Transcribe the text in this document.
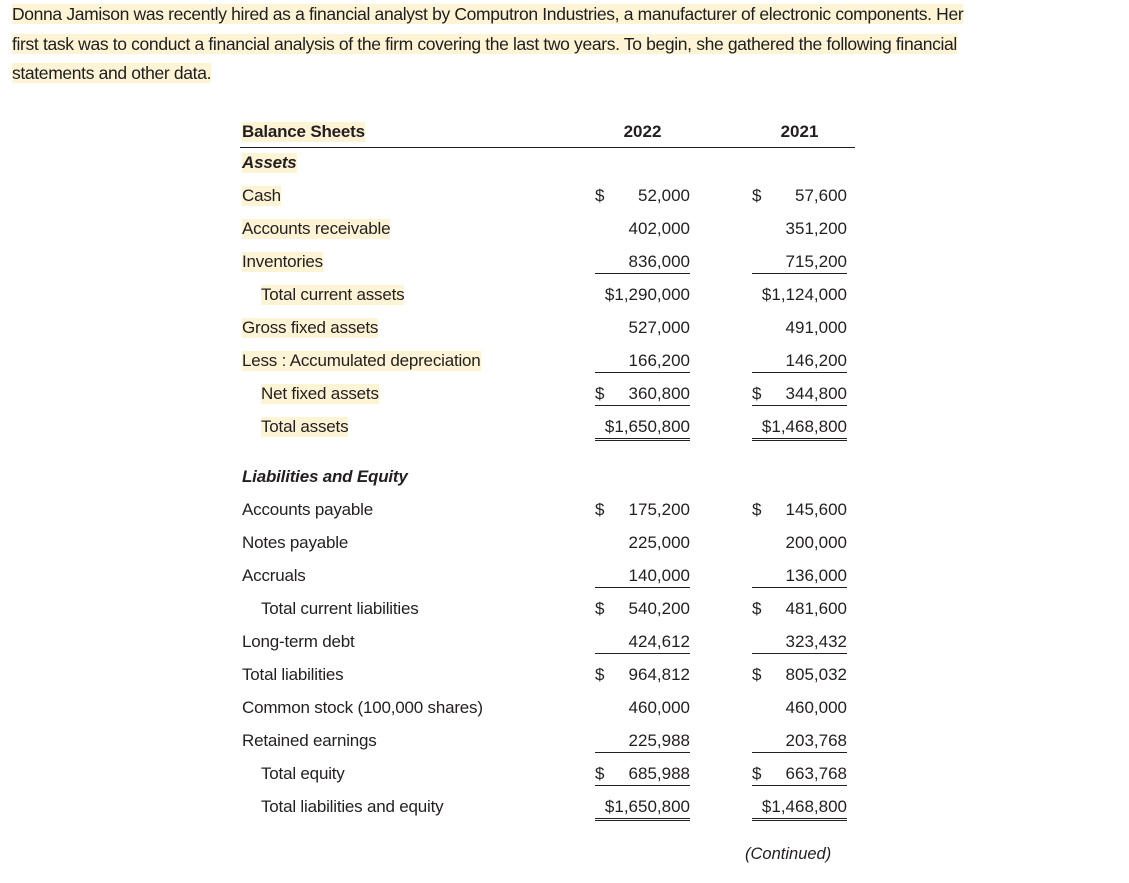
Donna Jamison was recently hired as a financial analyst by Computron Industries, a manufacturer of electronic components. Her
first task was to conduct a financial analysis of the firm covering the last two years. To begin, she gathered the following financial
statements and other data.
Balance Sheets	2022	2021
Assets
Cash	$	52,000	$	57,600
Accounts receivable	402,000	351,200
Inventories	836,000	715,200
Total current assets	$1,290,000	$1,124,000
Gross fixed assets	527,000	491,000
Less : Accumulated depreciation	166,200	146,200
Net fixed assets	$	360,800	$	344,800
Total assets	$1,650,800	$1,468,800
Liabilities and Equity
Accounts payable	$	175,200	$	145,600
Notes payable	225,000	200,000
Accruals	140,000	136,000
Total current liabilities	$	540,200	$	481,600
Long-term debt	424,612	323,432
Total liabilities	$	964,812	$	805,032
Common stock (100,000 shares)	460,000	460,000
Retained earnings	225,988	203,768
Total equity	$	685,988	$	663,768
Total liabilities and equity	$1,650,800	$1,468,800
(Continued)
